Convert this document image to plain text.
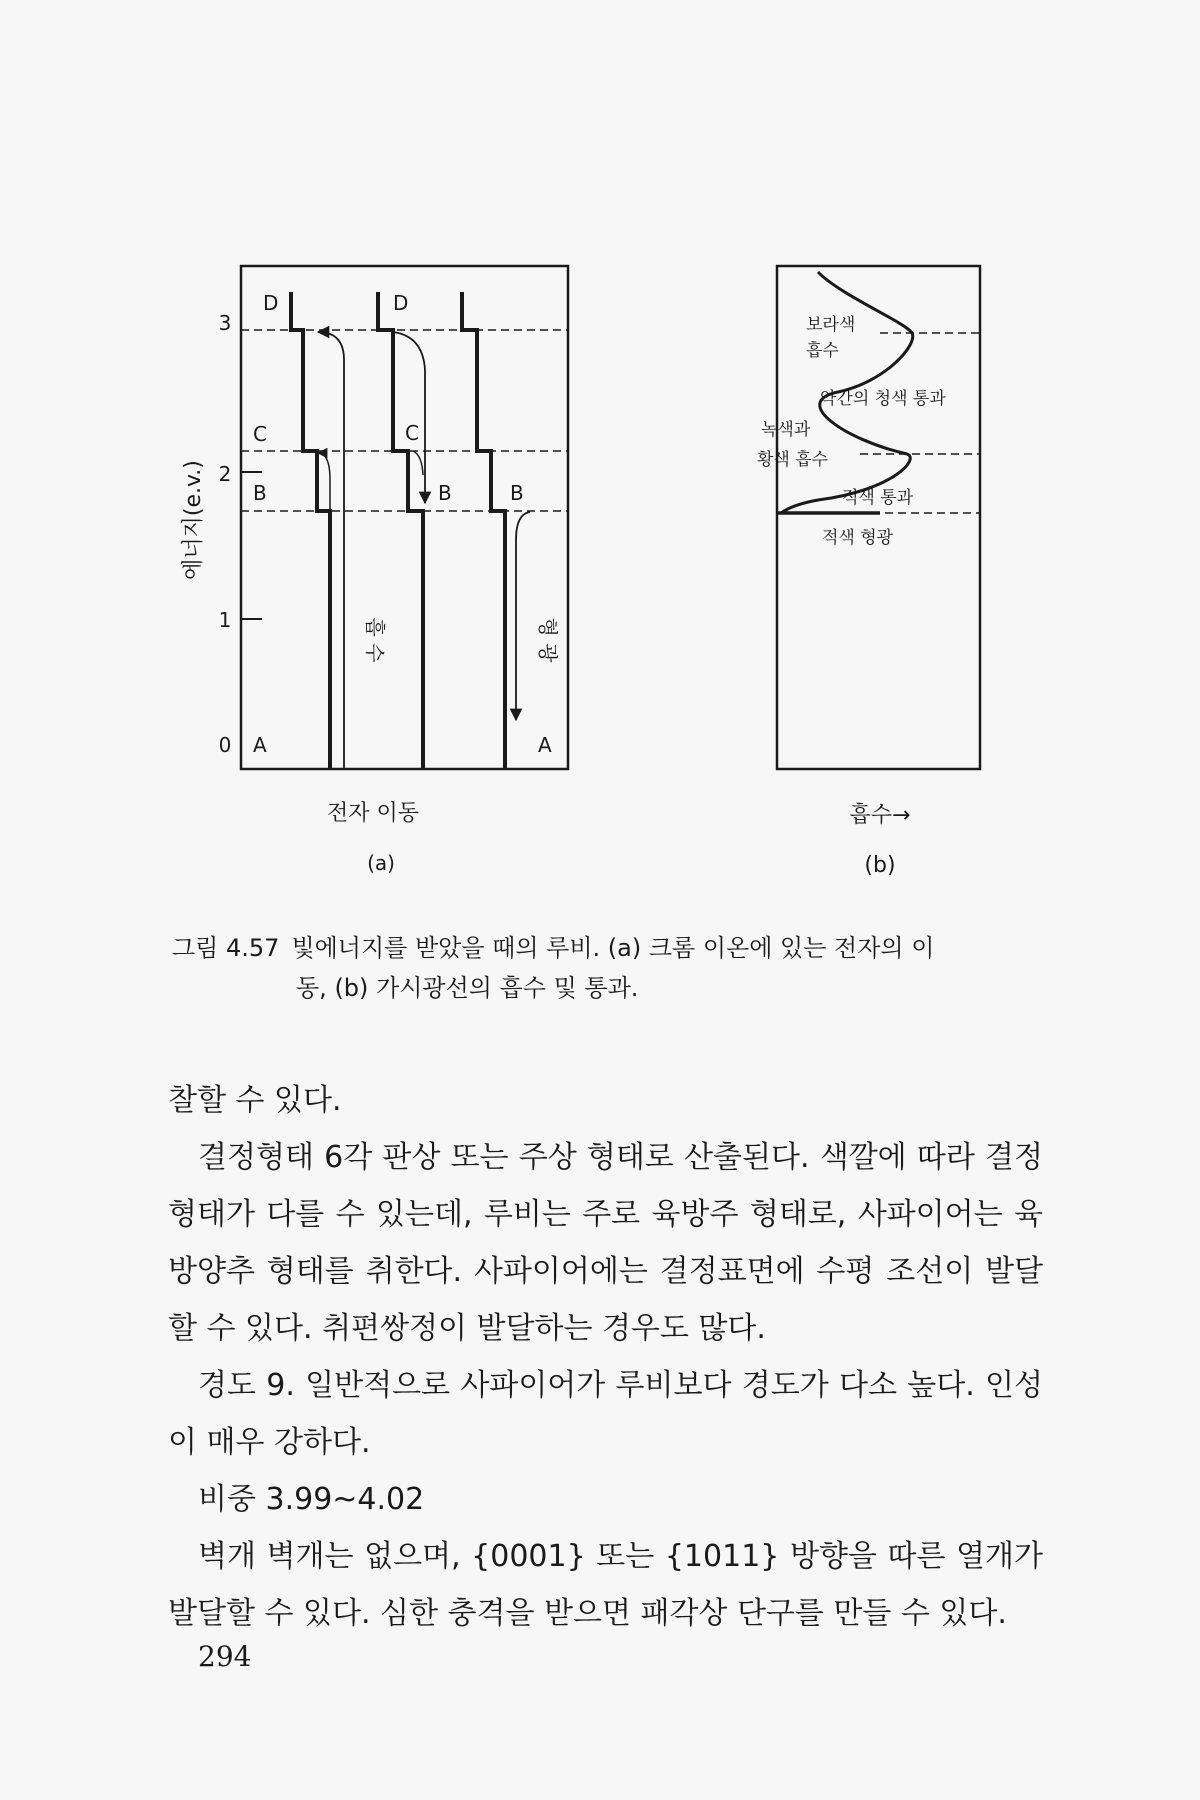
에너지(e.v.)
3
2
1
0
D	D
C	C
B	B	B
A	A
흡 수	형 광
전자 이동
(a)
보라색
흡수
약간의 청색 통과
녹색과
황색 흡수
적색 통과
적색 형광
흡수→
(b)
그림 4.57 빛에너지를 받았을 때의 루비. (a) 크롬 이온에 있는 전자의 이
동, (b) 가시광선의 흡수 및 통과.

찰할 수 있다.

결정형태 6각 판상 또는 주상 형태로 산출된다. 색깔에 따라 결정 형태가 다를 수 있는데, 루비는 주로 육방주 형태로, 사파이어는 육방양추 형태를 취한다. 사파이어에는 결정표면에 수평 조선이 발달할 수 있다. 취편쌍정이 발달하는 경우도 많다.

경도 9. 일반적으로 사파이어가 루비보다 경도가 다소 높다. 인성이 매우 강하다.

비중 3.99~4.02

벽개 벽개는 없으며, {0001} 또는 {1011} 방향을 따른 열개가 발달할 수 있다. 심한 충격을 받으면 패각상 단구를 만들 수 있다.

294
